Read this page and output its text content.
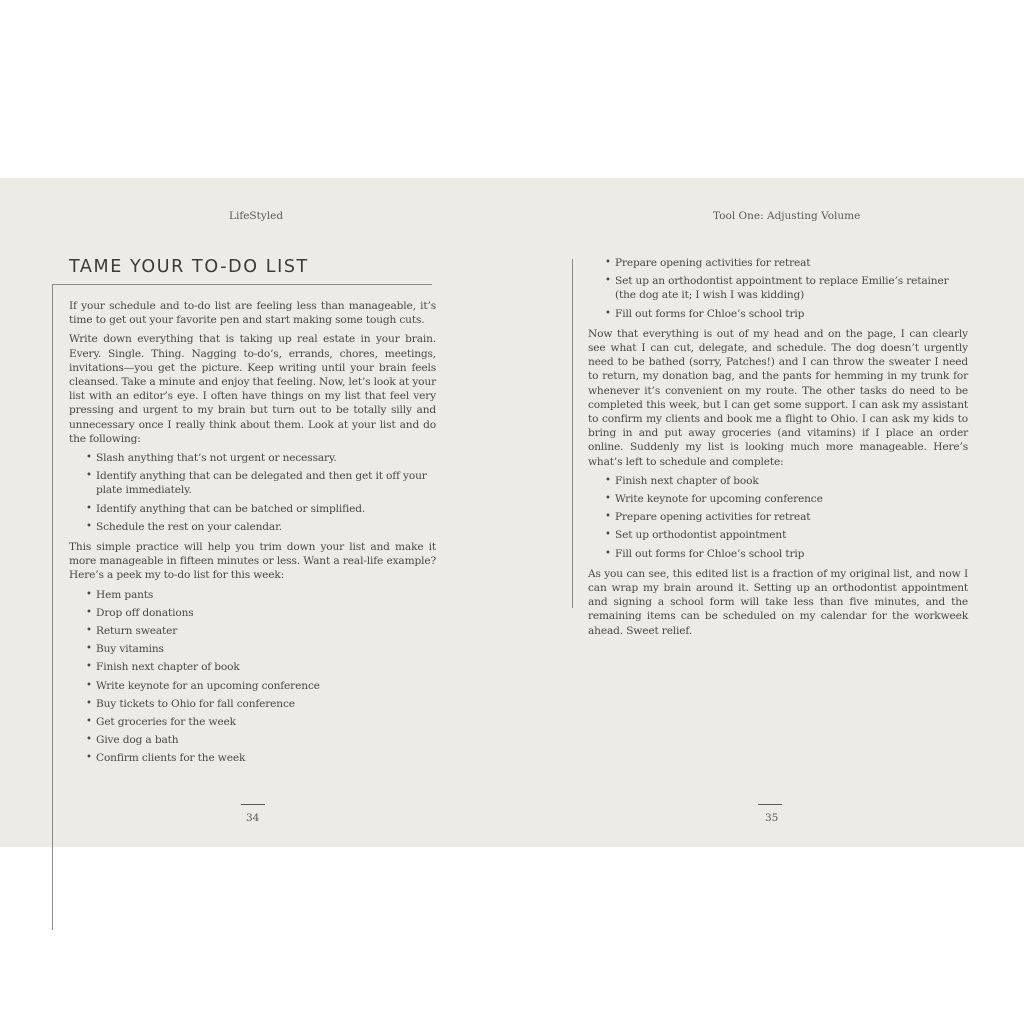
LifeStyled
TAME YOUR TO-DO LIST

If your schedule and to-do list are feeling less than manageable, it’s time to get out your favorite pen and start making some tough cuts.

Write down everything that is taking up real estate in your brain. Every. Single. Thing. Nagging to-do’s, errands, chores, meetings, invitations—you get the picture. Keep writing until your brain feels cleansed. Take a minute and enjoy that feeling. Now, let’s look at your list with an editor’s eye. I often have things on my list that feel very pressing and urgent to my brain but turn out to be totally silly and unnecessary once I really think about them. Look at your list and do the following:

• Slash anything that’s not urgent or necessary.
• Identify anything that can be delegated and then get it off your plate immediately.
• Identify anything that can be batched or simplified.
• Schedule the rest on your calendar.

This simple practice will help you trim down your list and make it more manageable in fifteen minutes or less. Want a real-life example? Here’s a peek my to-do list for this week:

• Hem pants
• Drop off donations
• Return sweater
• Buy vitamins
• Finish next chapter of book
• Write keynote for an upcoming conference
• Buy tickets to Ohio for fall conference
• Get groceries for the week
• Give dog a bath
• Confirm clients for the week
34
Tool One: Adjusting Volume
• Prepare opening activities for retreat
• Set up an orthodontist appointment to replace Emilie’s retainer (the dog ate it; I wish I was kidding)
• Fill out forms for Chloe’s school trip

Now that everything is out of my head and on the page, I can clearly see what I can cut, delegate, and schedule. The dog doesn’t urgently need to be bathed (sorry, Patches!) and I can throw the sweater I need to return, my donation bag, and the pants for hemming in my trunk for whenever it’s convenient on my route. The other tasks do need to be completed this week, but I can get some support. I can ask my assistant to confirm my clients and book me a flight to Ohio. I can ask my kids to bring in and put away groceries (and vitamins) if I place an order online. Suddenly my list is looking much more manageable. Here’s what’s left to schedule and complete:

• Finish next chapter of book
• Write keynote for upcoming conference
• Prepare opening activities for retreat
• Set up orthodontist appointment
• Fill out forms for Chloe’s school trip

As you can see, this edited list is a fraction of my original list, and now I can wrap my brain around it. Setting up an orthodontist appointment and signing a school form will take less than five minutes, and the remaining items can be scheduled on my calendar for the workweek ahead. Sweet relief.

35
